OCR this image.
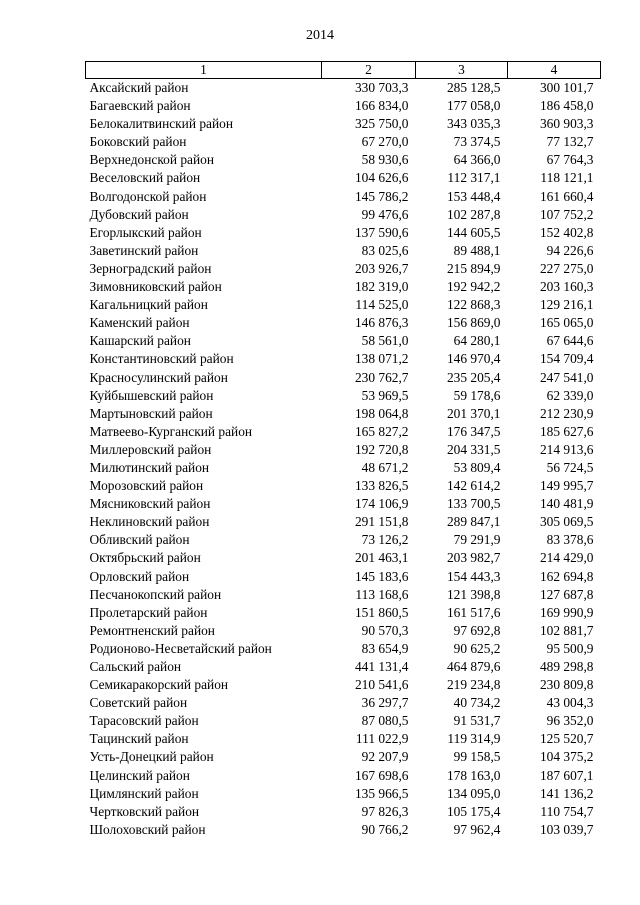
2014
1	2	3	4
Аксайский район	330 703,3	285 128,5	300 101,7
Багаевский район	166 834,0	177 058,0	186 458,0
Белокалитвинский район	325 750,0	343 035,3	360 903,3
Боковский район	67 270,0	73 374,5	77 132,7
Верхнедонской район	58 930,6	64 366,0	67 764,3
Веселовский район	104 626,6	112 317,1	118 121,1
Волгодонской район	145 786,2	153 448,4	161 660,4
Дубовский район	99 476,6	102 287,8	107 752,2
Егорлыкский район	137 590,6	144 605,5	152 402,8
Заветинский район	83 025,6	89 488,1	94 226,6
Зерноградский район	203 926,7	215 894,9	227 275,0
Зимовниковский район	182 319,0	192 942,2	203 160,3
Кагальницкий район	114 525,0	122 868,3	129 216,1
Каменский район	146 876,3	156 869,0	165 065,0
Кашарский район	58 561,0	64 280,1	67 644,6
Константиновский район	138 071,2	146 970,4	154 709,4
Красносулинский район	230 762,7	235 205,4	247 541,0
Куйбышевский район	53 969,5	59 178,6	62 339,0
Мартыновский район	198 064,8	201 370,1	212 230,9
Матвеево-Курганский район	165 827,2	176 347,5	185 627,6
Миллеровский район	192 720,8	204 331,5	214 913,6
Милютинский район	48 671,2	53 809,4	56 724,5
Морозовский район	133 826,5	142 614,2	149 995,7
Мясниковский район	174 106,9	133 700,5	140 481,9
Неклиновский район	291 151,8	289 847,1	305 069,5
Обливский район	73 126,2	79 291,9	83 378,6
Октябрьский район	201 463,1	203 982,7	214 429,0
Орловский район	145 183,6	154 443,3	162 694,8
Песчанокопский район	113 168,6	121 398,8	127 687,8
Пролетарский район	151 860,5	161 517,6	169 990,9
Ремонтненский район	90 570,3	97 692,8	102 881,7
Родионово-Несветайский район	83 654,9	90 625,2	95 500,9
Сальский район	441 131,4	464 879,6	489 298,8
Семикаракорский район	210 541,6	219 234,8	230 809,8
Советский район	36 297,7	40 734,2	43 004,3
Тарасовский район	87 080,5	91 531,7	96 352,0
Тацинский район	111 022,9	119 314,9	125 520,7
Усть-Донецкий район	92 207,9	99 158,5	104 375,2
Целинский район	167 698,6	178 163,0	187 607,1
Цимлянский район	135 966,5	134 095,0	141 136,2
Чертковский район	97 826,3	105 175,4	110 754,7
Шолоховский район	90 766,2	97 962,4	103 039,7
